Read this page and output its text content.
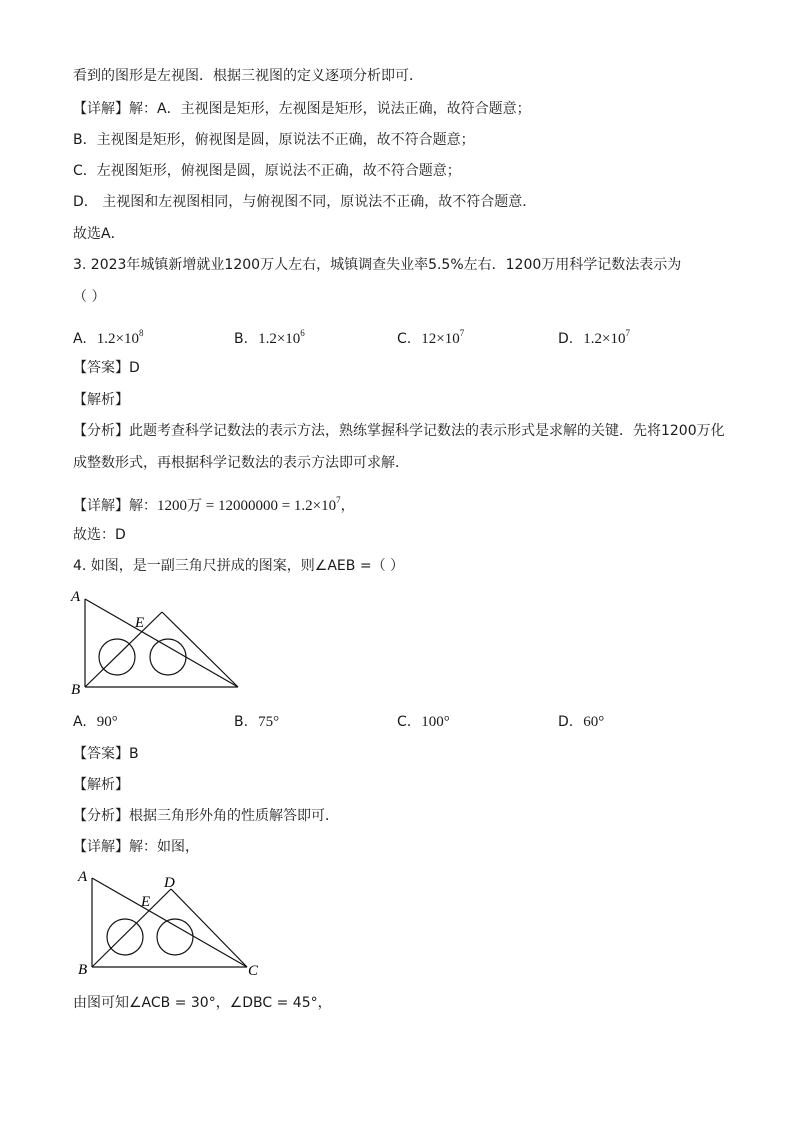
看到的图形是左视图．根据三视图的定义逐项分析即可．
【详解】解：A．主视图是矩形，左视图是矩形，说法正确，故符合题意；
B．主视图是矩形，俯视图是圆，原说法不正确，故不符合题意；
C．左视图矩形，俯视图是圆，原说法不正确，故不符合题意；
D． 主视图和左视图相同，与俯视图不同，原说法不正确，故不符合题意．
故选A．
3. 2023年城镇新增就业1200万人左右，城镇调查失业率5.5%左右．1200万用科学记数法表示为
（ ）
A. $1.2\times 10^8$	B. $1.2\times 10^6$	C. $12\times 10^7$	D. $1.2\times 10^7$
【答案】D
【解析】
【分析】此题考查科学记数法的表示方法，熟练掌握科学记数法的表示形式是求解的关键．先将1200万化
成整数形式，再根据科学记数法的表示方法即可求解．
【详解】解：1200万 = $12000000 = 1.2\times 10^7$，
故选：D
4. 如图，是一副三角尺拼成的图案，则∠AEB =（ ）
A
E
B
A. 90°	B. 75°	C. 100°	D. 60°
【答案】B
【解析】
【分析】根据三角形外角的性质解答即可．
【详解】解：如图，
A	D
E
B	C
由图可知∠ACB = 30°，∠DBC = 45°，
